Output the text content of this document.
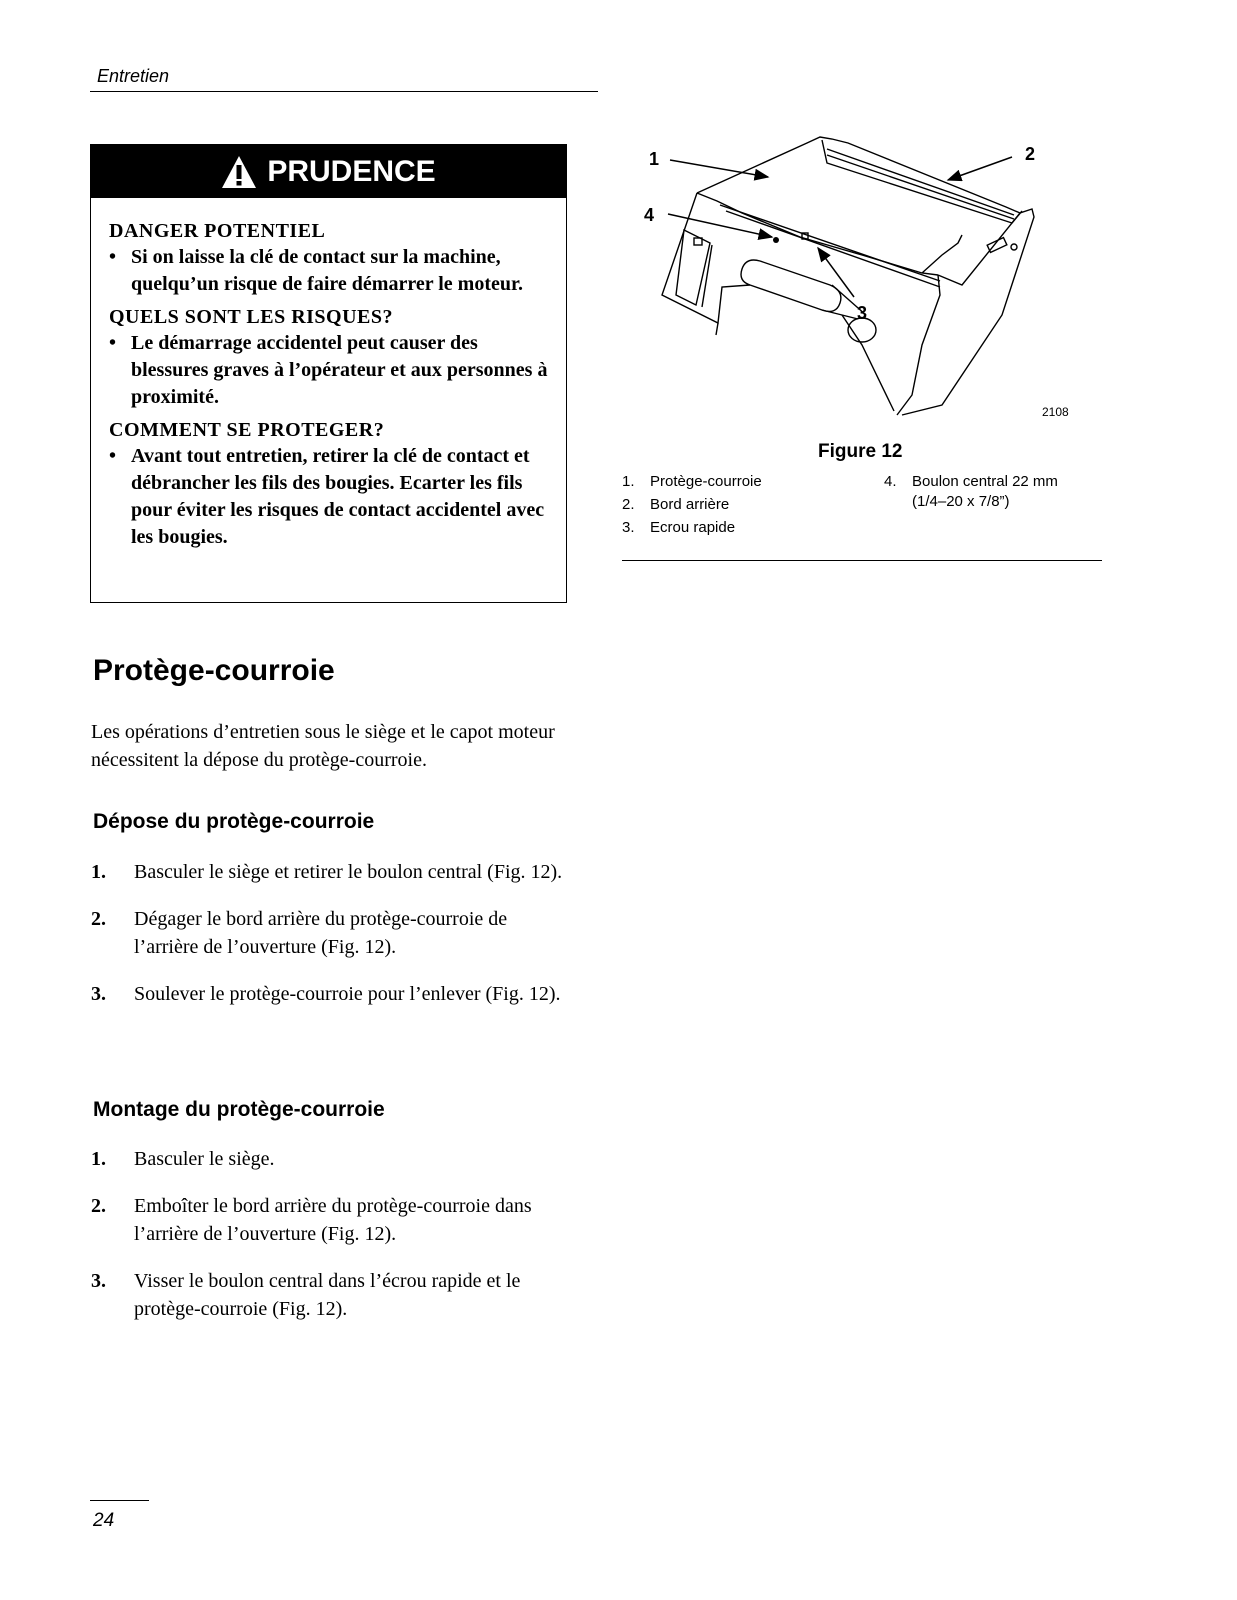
Entretien
PRUDENCE
DANGER POTENTIEL
• Si on laisse la clé de contact sur la machine, quelqu’un risque de faire démarrer le moteur.
QUELS SONT LES RISQUES?
• Le démarrage accidentel peut causer des blessures graves à l’opérateur et aux personnes à proximité.
COMMENT SE PROTEGER?
• Avant tout entretien, retirer la clé de contact et débrancher les fils des bougies. Ecarter les fils pour éviter les risques de contact accidentel avec les bougies.
1	2
3
4
2108
Figure 12
1. Protège-courroie
2. Bord arrière
3. Ecrou rapide
4. Boulon central 22 mm
(1/4–20 x 7/8”)
Protège-courroie
Les opérations d’entretien sous le siège et le capot moteur nécessitent la dépose du protège-courroie.
Dépose du protège-courroie
1.	Basculer le siège et retirer le boulon central (Fig. 12).
2.	Dégager le bord arrière du protège-courroie de l’arrière de l’ouverture (Fig. 12).
3.	Soulever le protège-courroie pour l’enlever (Fig. 12).
Montage du protège-courroie
1.	Basculer le siège.
2.	Emboîter le bord arrière du protège-courroie dans l’arrière de l’ouverture (Fig. 12).
3.	Visser le boulon central dans l’écrou rapide et le protège-courroie (Fig. 12).
24
